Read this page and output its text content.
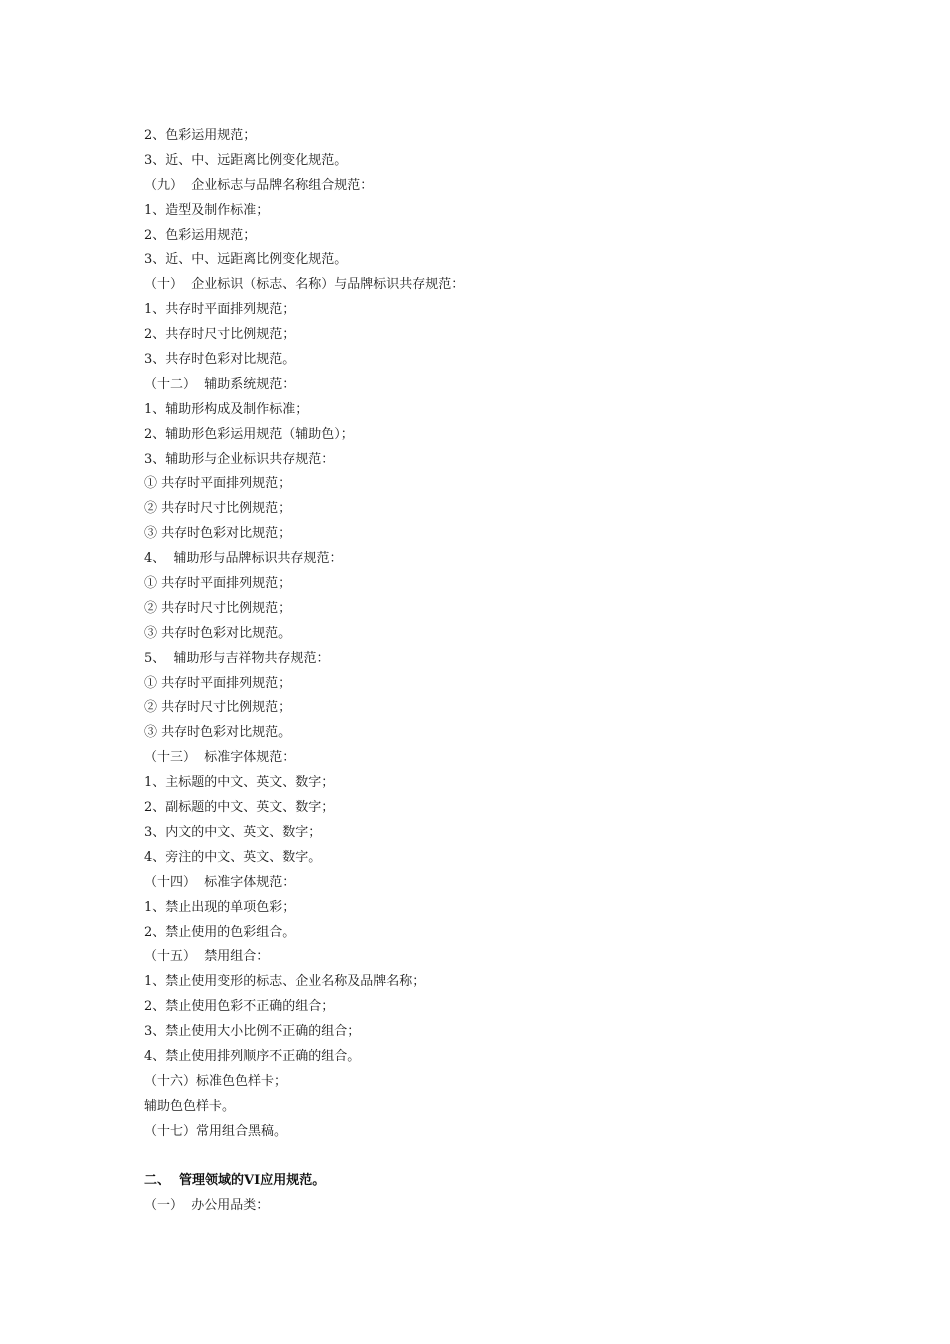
2、色彩运用规范；

3、近、中、远距离比例变化规范。

（九）  企业标志与品牌名称组合规范：

1、造型及制作标准；

2、色彩运用规范；

3、近、中、远距离比例变化规范。

（十）  企业标识（标志、名称）与品牌标识共存规范：

1、共存时平面排列规范；

2、共存时尺寸比例规范；

3、共存时色彩对比规范。

（十二）  辅助系统规范：

1、辅助形构成及制作标准；

2、辅助形色彩运用规范（辅助色）；

3、辅助形与企业标识共存规范：

① 共存时平面排列规范；

② 共存时尺寸比例规范；

③ 共存时色彩对比规范；

4、  辅助形与品牌标识共存规范：

① 共存时平面排列规范；

② 共存时尺寸比例规范；

③ 共存时色彩对比规范。

5、  辅助形与吉祥物共存规范：

① 共存时平面排列规范；

② 共存时尺寸比例规范；

③ 共存时色彩对比规范。

（十三）  标准字体规范：

1、主标题的中文、英文、数字；

2、副标题的中文、英文、数字；

3、内文的中文、英文、数字；

4、旁注的中文、英文、数字。

（十四）  标准字体规范：

1、禁止出现的单项色彩；

2、禁止使用的色彩组合。

（十五）  禁用组合：

1、禁止使用变形的标志、企业名称及品牌名称；

2、禁止使用色彩不正确的组合；

3、禁止使用大小比例不正确的组合；

4、禁止使用排列顺序不正确的组合。

（十六）标准色色样卡；

辅助色色样卡。

（十七）常用组合黑稿。

二、  管理领域的VI应用规范。

（一）  办公用品类：
